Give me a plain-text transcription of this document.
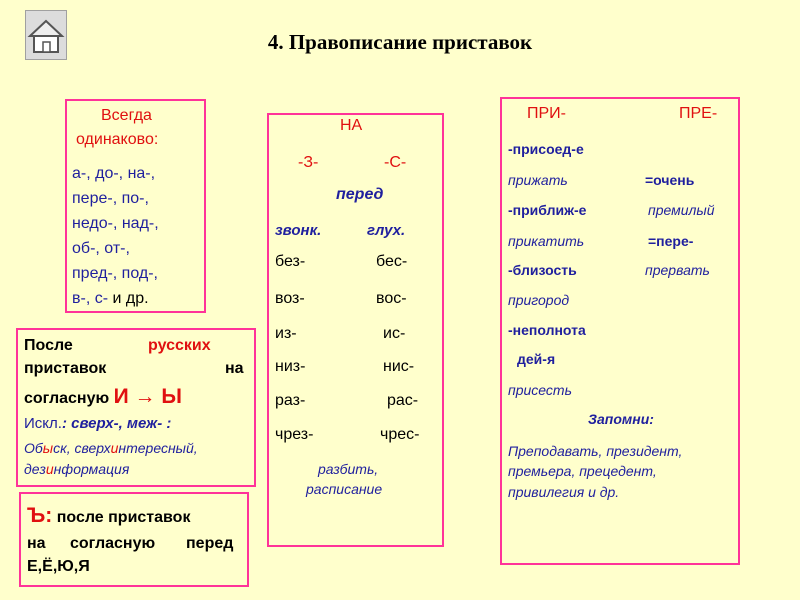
4. Правописание приставок
Всегда
одинаково:
а-, до-, на-,
пере-, по-,
недо-, над-,
об-, от-,
пред-, под-,
в-, с- и др.
НА
-З-	-С-
перед
звонк.	глух.
без-	бес-
воз-	вос-
из-	ис-
низ-	нис-
раз-	рас-
чрез-	чрес-
разбить,
расписание
ПРИ-	ПРЕ-
-присоед-е
прижать	=очень
-приближ-е	премилый
прикатить	=пере-
-близость	прервать
пригород
-неполнота
дей-я
присесть
Запомни:
Преподавать, президент,
премьера, прецедент,
привилегия и др.
После	русских
приставок	на
согласную И → Ы
Искл.: сверх-, меж- :
Обыск, сверхинтересный,
дезинформация
Ъ: после приставок
на согласную перед
Е,Ё,Ю,Я
